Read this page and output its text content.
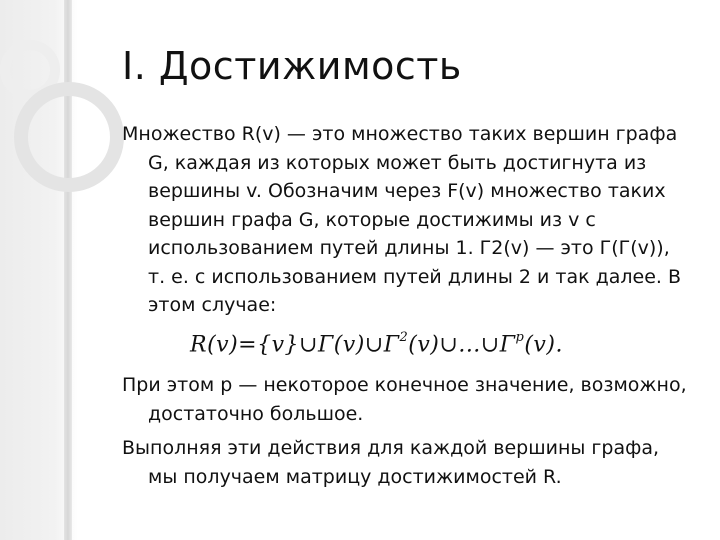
I. Достижимость

Множество R(v) — это множество таких вершин графа G, каждая из которых может быть достигнута из вершины v. Обозначим через F(v) множество таких вершин графа G, которые достижимы из v с использованием путей длины 1. Г2(v) — это Г(Г(v)), т. е. с использованием путей длины 2 и так далее. В этом случае:

$R(v)=\{v\}\cup\Gamma(v)\cup\Gamma^2(v)\cup...\cup\Gamma^p(v)$.

При этом p — некоторое конечное значение, возможно, достаточно большое.

Выполняя эти действия для каждой вершины графа, мы получаем матрицу достижимостей R.
